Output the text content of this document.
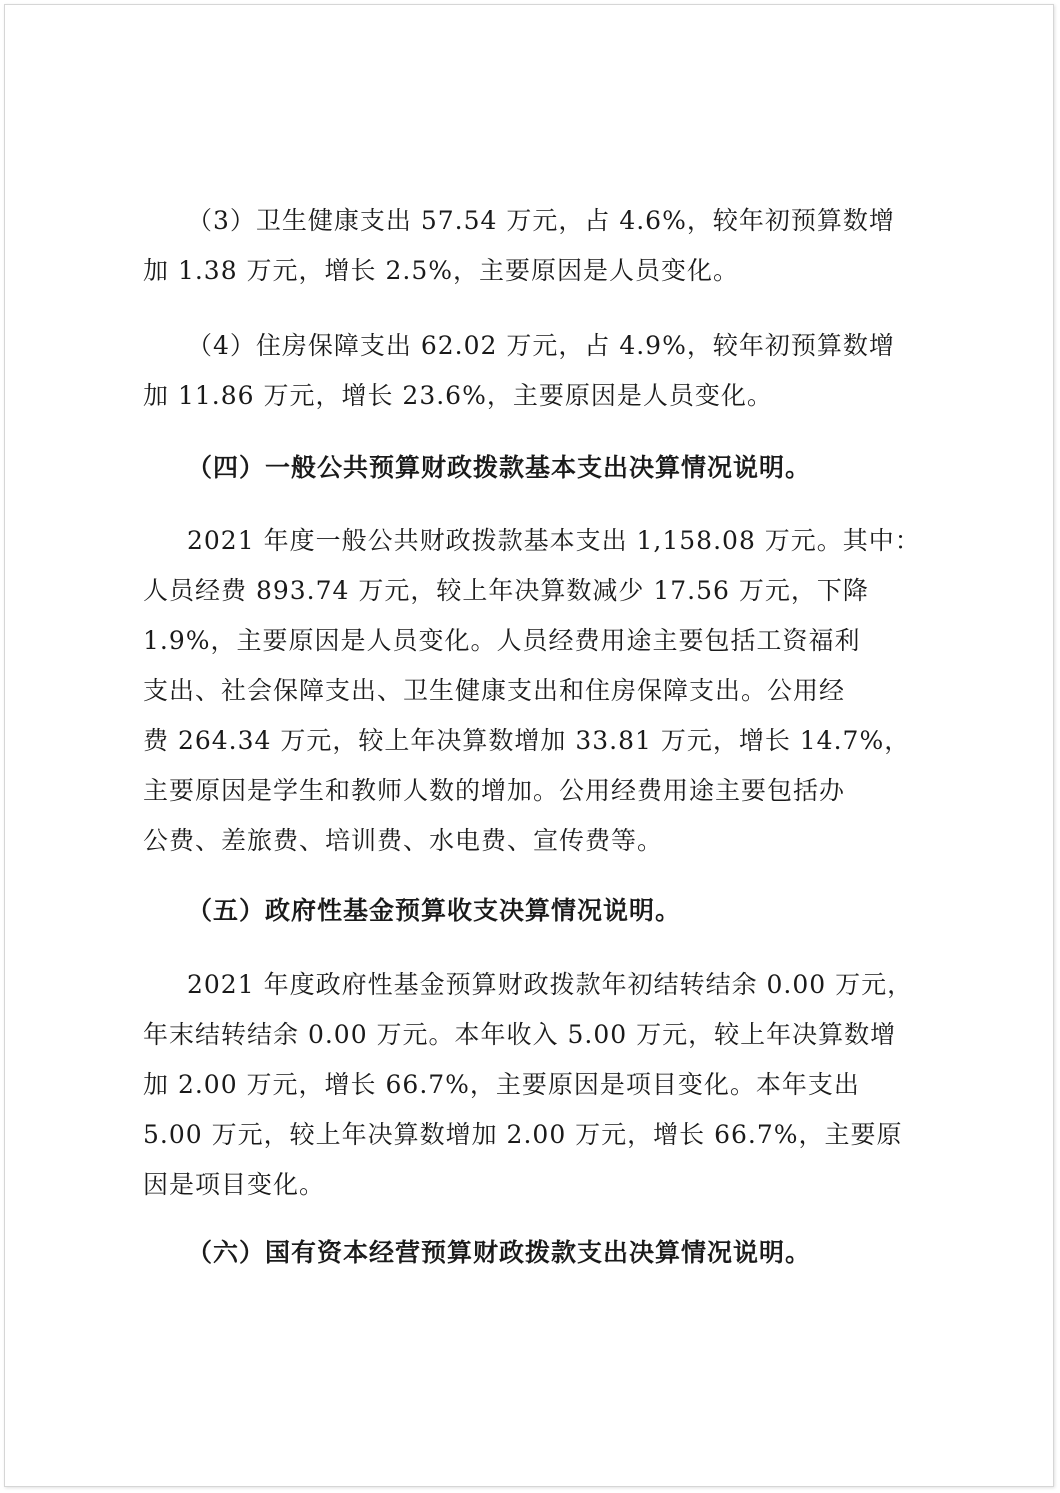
（3）卫生健康支出 57.54 万元，占 4.6%，较年初预算数增
加 1.38 万元，增长 2.5%，主要原因是人员变化。
（4）住房保障支出 62.02 万元，占 4.9%，较年初预算数增
加 11.86 万元，增长 23.6%，主要原因是人员变化。
（四）一般公共预算财政拨款基本支出决算情况说明。
2021 年度一般公共财政拨款基本支出 1,158.08 万元。其中：
人员经费 893.74 万元，较上年决算数减少 17.56 万元，下降
1.9%，主要原因是人员变化。人员经费用途主要包括工资福利
支出、社会保障支出、卫生健康支出和住房保障支出。公用经
费 264.34 万元，较上年决算数增加 33.81 万元，增长 14.7%，
主要原因是学生和教师人数的增加。公用经费用途主要包括办
公费、差旅费、培训费、水电费、宣传费等。
（五）政府性基金预算收支决算情况说明。
2021 年度政府性基金预算财政拨款年初结转结余 0.00 万元，
年末结转结余 0.00 万元。本年收入 5.00 万元，较上年决算数增
加 2.00 万元，增长 66.7%，主要原因是项目变化。本年支出
5.00 万元，较上年决算数增加 2.00 万元，增长 66.7%，主要原
因是项目变化。
（六）国有资本经营预算财政拨款支出决算情况说明。
